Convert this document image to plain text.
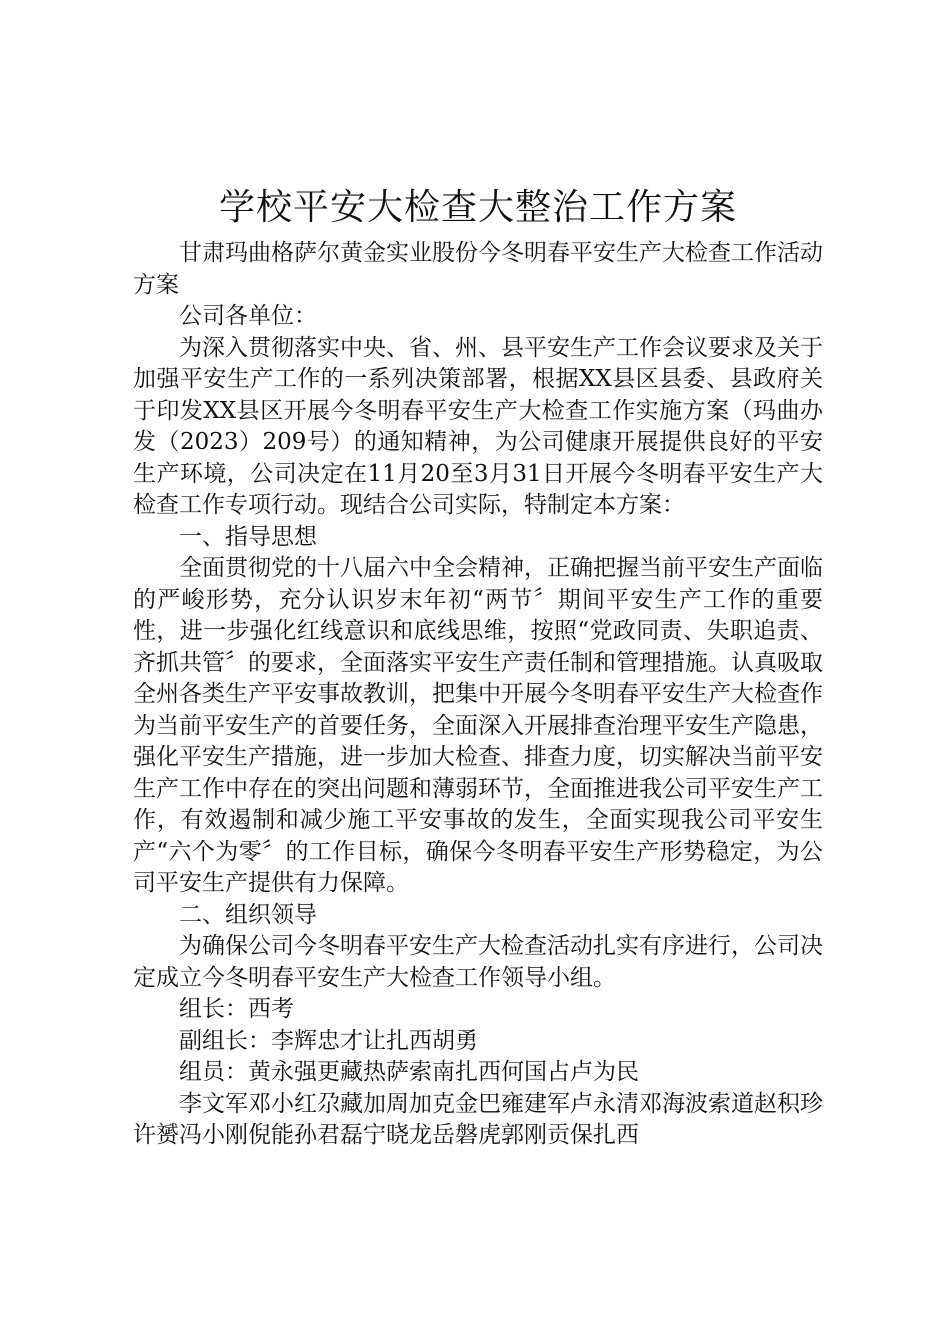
学校平安大检查大整治工作方案

甘肃玛曲格萨尔黄金实业股份今冬明春平安生产大检查工作活动方案

公司各单位：

为深入贯彻落实中央、省、州、县平安生产工作会议要求及关于加强平安生产工作的一系列决策部署，根据XX县区县委、县政府关于印发XX县区开展今冬明春平安生产大检查工作实施方案（玛曲办发（2023）209号）的通知精神，为公司健康开展提供良好的平安生产环境，公司决定在11月20至3月31日开展今冬明春平安生产大检查工作专项行动。现结合公司实际，特制定本方案：

一、指导思想

全面贯彻党的十八届六中全会精神，正确把握当前平安生产面临的严峻形势，充分认识岁末年初“两节〞期间平安生产工作的重要性，进一步强化红线意识和底线思维，按照“党政同责、失职追责、齐抓共管〞的要求，全面落实平安生产责任制和管理措施。认真吸取全州各类生产平安事故教训，把集中开展今冬明春平安生产大检查作为当前平安生产的首要任务，全面深入开展排查治理平安生产隐患，强化平安生产措施，进一步加大检查、排查力度，切实解决当前平安生产工作中存在的突出问题和薄弱环节，全面推进我公司平安生产工作，有效遏制和减少施工平安事故的发生，全面实现我公司平安生产“六个为零〞的工作目标，确保今冬明春平安生产形势稳定，为公司平安生产提供有力保障。

二、组织领导

为确保公司今冬明春平安生产大检查活动扎实有序进行，公司决定成立今冬明春平安生产大检查工作领导小组。

组长：西考

副组长：李辉忠才让扎西胡勇

组员：黄永强更藏热萨索南扎西何国占卢为民

李文军邓小红尕藏加周加克金巴雍建军卢永清邓海波索道赵积珍许赟冯小刚倪能孙君磊宁晓龙岳磐虎郭刚贡保扎西
